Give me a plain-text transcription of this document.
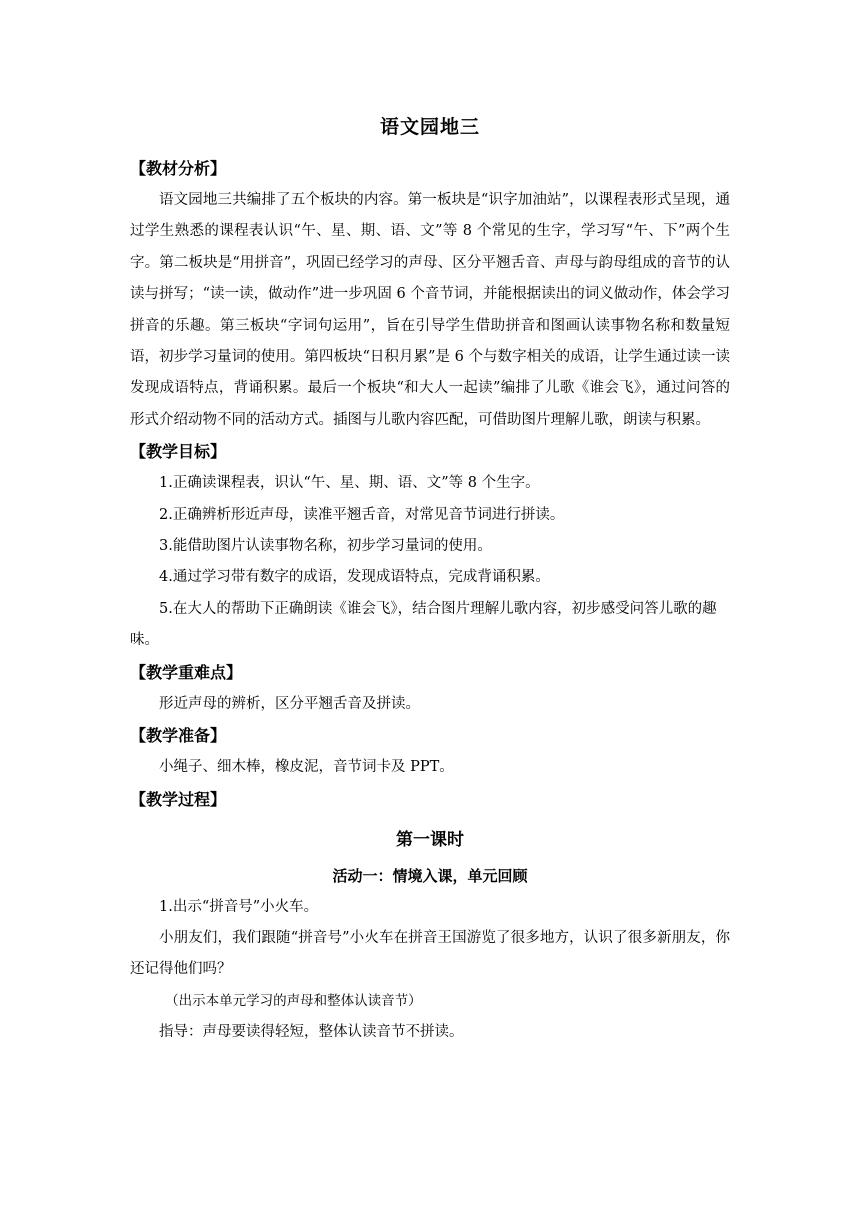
语文园地三
【教材分析】

语文园地三共编排了五个板块的内容。第一板块是“识字加油站”，以课程表形式呈现，通过学生熟悉的课程表认识“午、星、期、语、文”等 8 个常见的生字，学习写“午、下”两个生字。第二板块是“用拼音”，巩固已经学习的声母、区分平翘舌音、声母与韵母组成的音节的认读与拼写；“读一读，做动作”进一步巩固 6 个音节词，并能根据读出的词义做动作，体会学习拼音的乐趣。第三板块“字词句运用”，旨在引导学生借助拼音和图画认读事物名称和数量短语，初步学习量词的使用。第四板块“日积月累”是 6 个与数字相关的成语，让学生通过读一读发现成语特点，背诵积累。最后一个板块“和大人一起读”编排了儿歌《谁会飞》，通过问答的形式介绍动物不同的活动方式。插图与儿歌内容匹配，可借助图片理解儿歌，朗读与积累。

【教学目标】

1.正确读课程表，识认“午、星、期、语、文”等 8 个生字。

2.正确辨析形近声母，读准平翘舌音，对常见音节词进行拼读。

3.能借助图片认读事物名称，初步学习量词的使用。

4.通过学习带有数字的成语，发现成语特点，完成背诵积累。

5.在大人的帮助下正确朗读《谁会飞》，结合图片理解儿歌内容，初步感受问答儿歌的趣味。

【教学重难点】

形近声母的辨析，区分平翘舌音及拼读。

【教学准备】

小绳子、细木棒，橡皮泥，音节词卡及 PPT。

【教学过程】
第一课时
活动一：情境入课，单元回顾

1.出示“拼音号”小火车。

小朋友们，我们跟随“拼音号”小火车在拼音王国游览了很多地方，认识了很多新朋友，你还记得他们吗？

（出示本单元学习的声母和整体认读音节）

指导：声母要读得轻短，整体认读音节不拼读。
